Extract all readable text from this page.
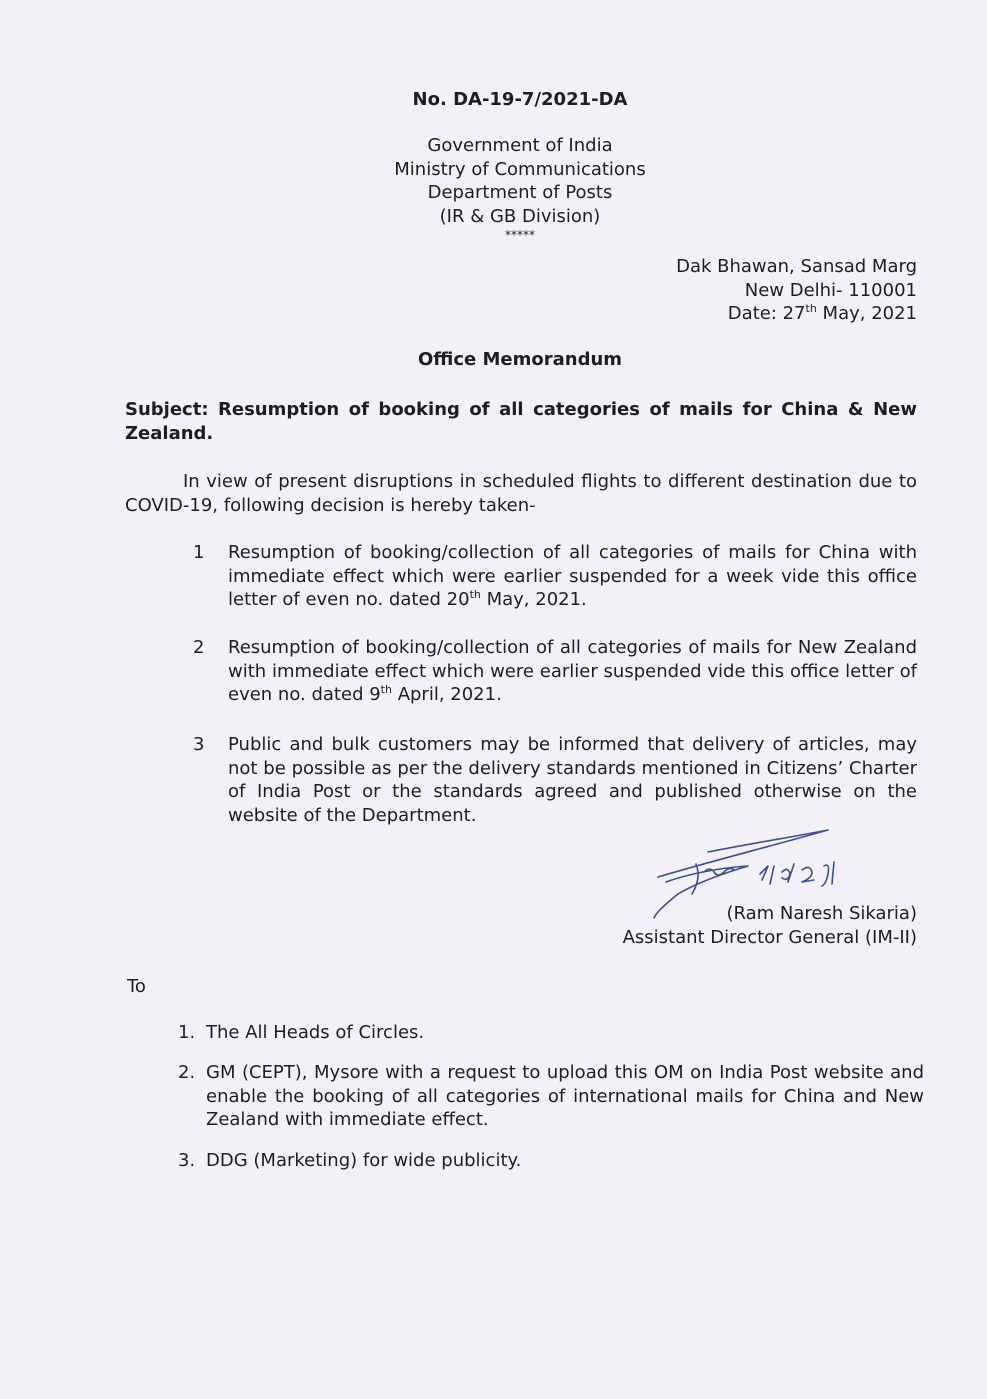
No. DA-19-7/2021-DA
Government of India
Ministry of Communications
Department of Posts
(IR & GB Division)
*****
Dak Bhawan, Sansad Marg
New Delhi- 110001
Date: 27th May, 2021
Office Memorandum
Subject: Resumption of booking of all categories of mails for China & New Zealand.
In view of present disruptions in scheduled flights to different destination due to COVID-19, following decision is hereby taken-
1	Resumption of booking/collection of all categories of mails for China with immediate effect which were earlier suspended for a week vide this office letter of even no. dated 20th May, 2021.
2	Resumption of booking/collection of all categories of mails for New Zealand with immediate effect which were earlier suspended vide this office letter of even no. dated 9th April, 2021.
3	Public and bulk customers may be informed that delivery of articles, may not be possible as per the delivery standards mentioned in Citizens’ Charter of India Post or the standards agreed and published otherwise on the website of the Department.
(Ram Naresh Sikaria)
Assistant Director General (IM-II)
To
1. The All Heads of Circles.
2. GM (CEPT), Mysore with a request to upload this OM on India Post website and enable the booking of all categories of international mails for China and New Zealand with immediate effect.
3. DDG (Marketing) for wide publicity.
